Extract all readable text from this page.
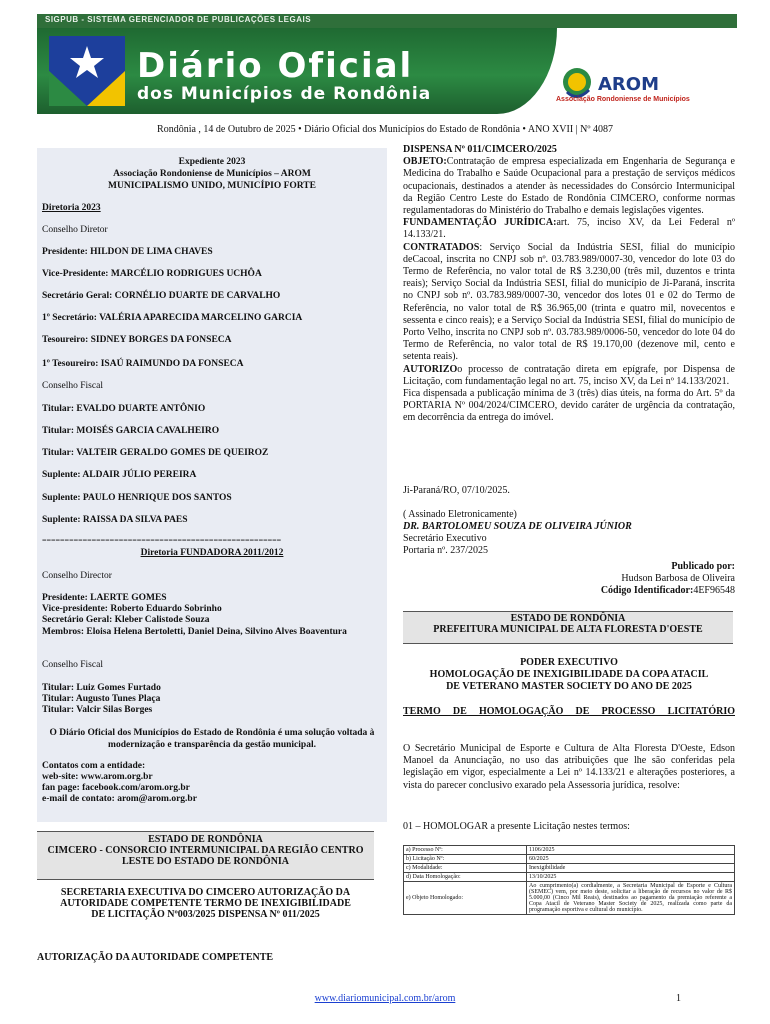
SIGPUB - SISTEMA GERENCIADOR DE PUBLICAÇÕES LEGAIS
Diário Oficial
dos Municípios de Rondônia	AROM
Associação Rondoniense de Municípios
Rondônia , 14 de Outubro de 2025 • Diário Oficial dos Municípios do Estado de Rondônia • ANO XVII | Nº 4087

Expediente 2023

Associação Rondoniense de Municípios – AROM

MUNICIPALISMO UNIDO, MUNICÍPIO FORTE

Diretoria 2023

Conselho Diretor

Presidente: HILDON DE LIMA CHAVES

Vice-Presidente: MARCÉLIO RODRIGUES UCHÔA

Secretário Geral: CORNÉLIO DUARTE DE CARVALHO

1º Secretário: VALÉRIA APARECIDA MARCELINO GARCIA

Tesoureiro: SIDNEY BORGES DA FONSECA

1º Tesoureiro: ISAÚ RAIMUNDO DA FONSECA

Conselho Fiscal

Titular: EVALDO DUARTE ANTÔNIO

Titular: MOISÉS GARCIA CAVALHEIRO

Titular: VALTEIR GERALDO GOMES DE QUEIROZ

Suplente: ALDAIR JÚLIO PEREIRA

Suplente: PAULO HENRIQUE DOS SANTOS

Suplente: RAISSA DA SILVA PAES

=====================================================

Diretoria FUNDADORA 2011/2012

Conselho Director

Presidente: LAERTE GOMES

Vice-presidente: Roberto Eduardo Sobrinho

Secretário Geral: Kleber Calistode Souza

Membros: Eloisa Helena Bertoletti, Daniel Deina, Silvino Alves Boaventura

Conselho Fiscal

Titular: Luiz Gomes Furtado

Titular: Augusto Tunes Plaça

Titular: Valcir Silas Borges

O Diário Oficial dos Municípios do Estado de Rondônia é uma solução voltada à modernização e transparência da gestão municipal.

Contatos com a entidade:

web-site: www.arom.org.br

fan page: facebook.com/arom.org.br

e-mail de contato: arom@arom.org.br

ESTADO DE RONDÔNIA
CIMCERO - CONSORCIO INTERMUNICIPAL DA REGIÃO CENTRO LESTE DO ESTADO DE RONDÔNIA
SECRETARIA EXECUTIVA DO CIMCERO AUTORIZAÇÃO DA AUTORIDADE COMPETENTE TERMO DE INEXIGIBILIDADE DE LICITAÇÃO Nº003/2025 DISPENSA Nº 011/2025
AUTORIZAÇÃO DA AUTORIDADE COMPETENTE
DISPENSA Nº 011/CIMCERO/2025
OBJETO:Contratação de empresa especializada em Engenharia de Segurança e Medicina do Trabalho e Saúde Ocupacional para a prestação de serviços médicos ocupacionais, destinados a atender às necessidades do Consórcio Intermunicipal da Região Centro Leste do Estado de Rondônia CIMCERO, conforme normas regulamentadoras do Ministério do Trabalho e demais legislações vigentes.
FUNDAMENTAÇÃO JURÍDICA:art. 75, inciso XV, da Lei Federal nº 14.133/21.
CONTRATADOS: Serviço Social da Indústria SESI, filial do município deCacoal, inscrita no CNPJ sob nº. 03.783.989/0007-30, vencedor do lote 03 do Termo de Referência, no valor total de R$ 3.230,00 (três mil, duzentos e trinta reais); Serviço Social da Indústria SESI, filial do município de Ji-Paraná, inscrita no CNPJ sob nº. 03.783.989/0007-30, vencedor dos lotes 01 e 02 do Termo de Referência, no valor total de R$ 36.965,00 (trinta e quatro mil, novecentos e sessenta e cinco reais); e a Serviço Social da Indústria SESI, filial do município de Porto Velho, inscrita no CNPJ sob nº. 03.783.989/0006-50, vencedor do lote 04 do Termo de Referência, no valor total de R$ 19.170,00 (dezenove mil, cento e setenta reais).
AUTORIZOo processo de contratação direta em epígrafe, por Dispensa de Licitação, com fundamentação legal no art. 75, inciso XV, da Lei nº 14.133/2021.
Fica dispensada a publicação mínima de 3 (três) dias úteis, na forma do Art. 5º da PORTARIA Nº 004/2024/CIMCERO, devido caráter de urgência da contratação, em decorrência da entrega do imóvel.
Ji-Paraná/RO, 07/10/2025.
( Assinado Eletronicamente)
DR. BARTOLOMEU SOUZA DE OLIVEIRA JÚNIOR
Secretário Executivo
Portaria nº. 237/2025
Publicado por:
Hudson Barbosa de Oliveira
Código Identificador:4EF96548
ESTADO DE RONDÔNIA
PREFEITURA MUNICIPAL DE ALTA FLORESTA D'OESTE
PODER EXECUTIVO
HOMOLOGAÇÃO DE INEXIGIBILIDADE DA COPA ATACIL DE VETERANO MASTER SOCIETY DO ANO DE 2025
TERMO DE HOMOLOGAÇÃO DE PROCESSO LICITATÓRIO
O Secretário Municipal de Esporte e Cultura de Alta Floresta D'Oeste, Edson Manoel da Anunciação, no uso das atribuições que lhe são conferidas pela legislação em vigor, especialmente a Lei nº 14.133/21 e alterações posteriores, a vista do parecer conclusivo exarado pela Assessoria jurídica, resolve:
01 – HOMOLOGAR a presente Licitação nestes termos:
a) Processo Nº:	1106/2025
b) Licitação Nº:	60/2025
c) Modalidade:	Inexigibilidade
d) Data Homologação:	13/10/2025
e) Objeto Homologado:	Ao cumprimento(a) cordialmente, a Secretaria Municipal de Esporte e Cultura (SEMEC) vem, por meio deste, solicitar a liberação de recursos no valor de R$ 5.000,00 (Cinco Mil Reais), destinados ao pagamento da premiação referente a Copa Atacil de Veterano Master Society de 2025, realizada como parte da programação esportiva e cultural do município.
www.diariomunicipal.com.br/arom	1
